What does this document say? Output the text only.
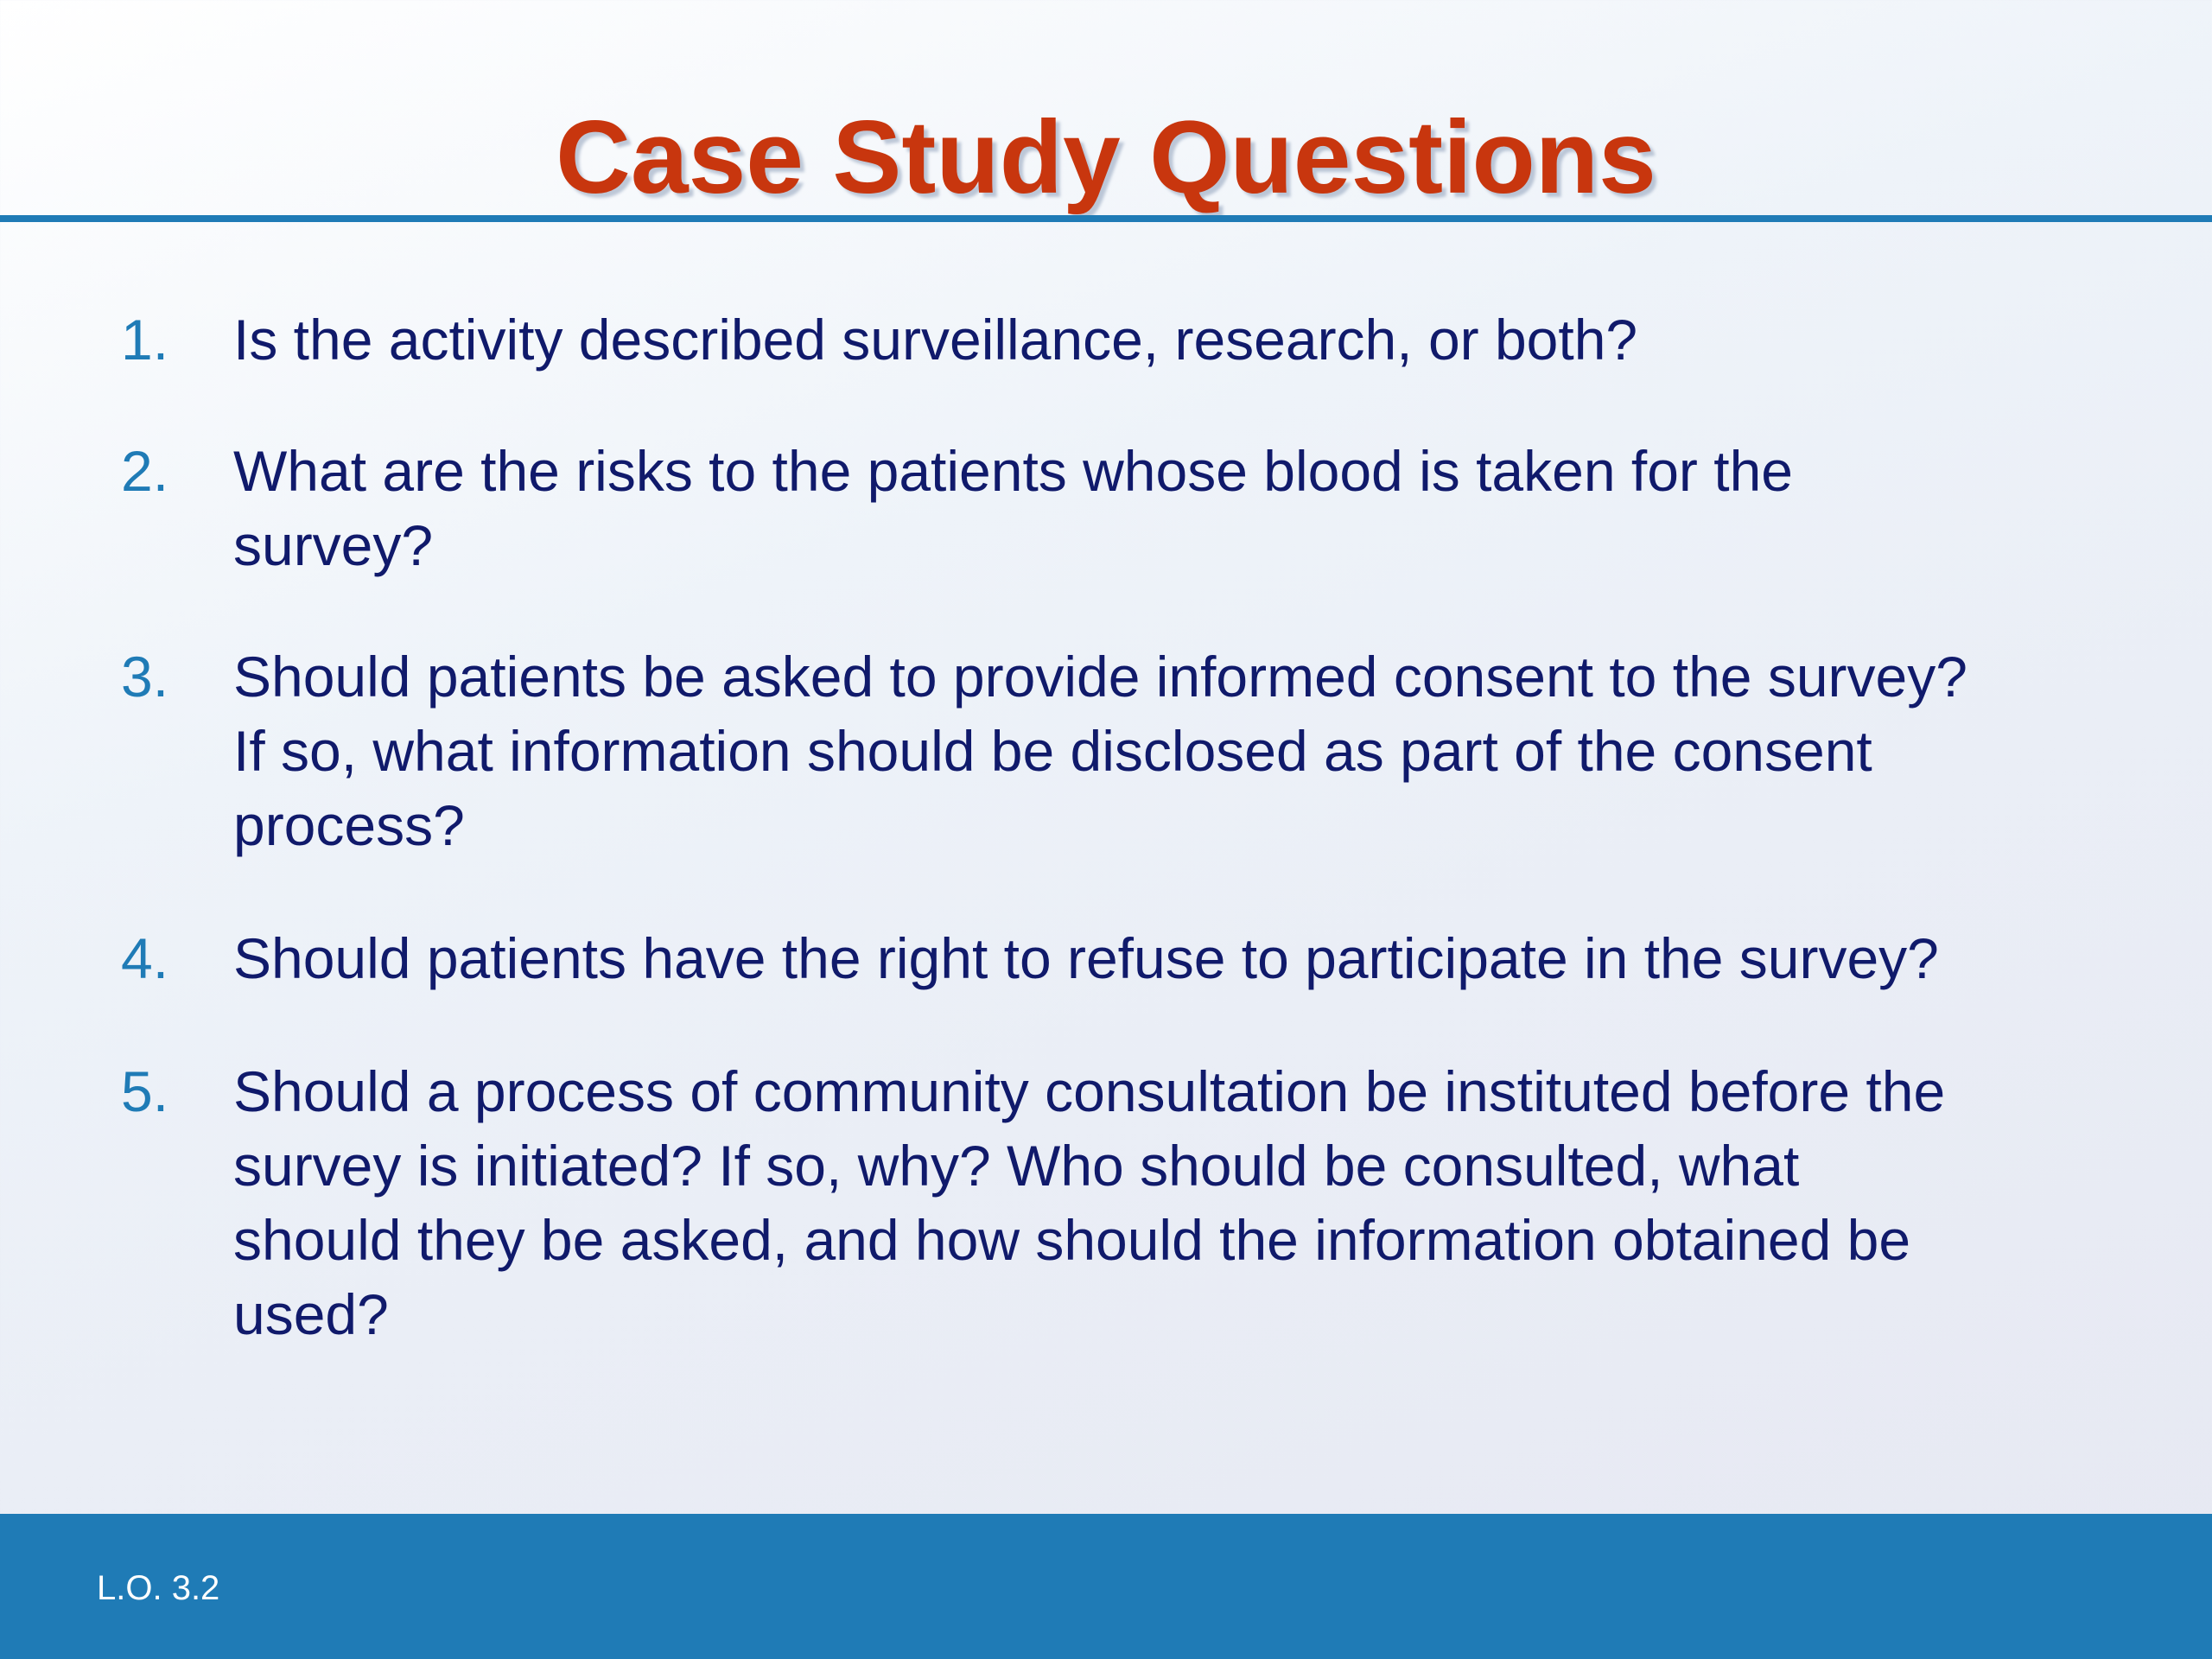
Case Study Questions
1.	Is the activity described surveillance, research, or both?
2.	What are the risks to the patients whose blood is taken for the
survey?
3.	Should patients be asked to provide informed consent to the survey?
If so, what information should be disclosed as part of the consent
process?
4.	Should patients have the right to refuse to participate in the survey?
5.	Should a process of community consultation be instituted before the
survey is initiated? If so, why? Who should be consulted, what
should they be asked, and how should the information obtained be
used?
L.O. 3.2
